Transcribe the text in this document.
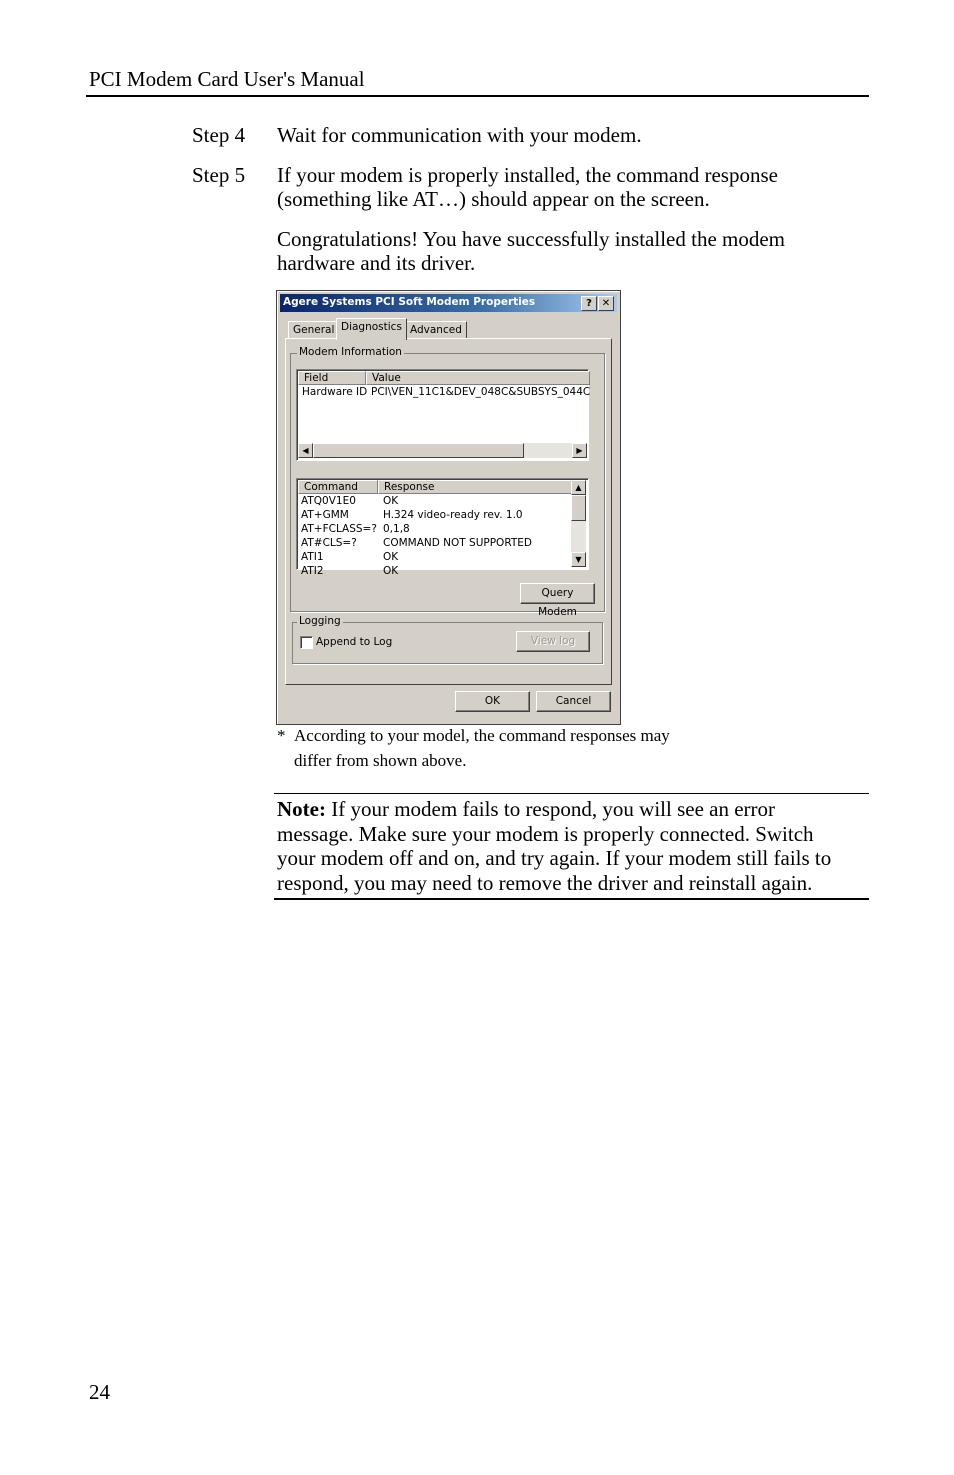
PCI Modem Card User's Manual
Step 4 Wait for communication with your modem.
Step 5 If your modem is properly installed, the command response
(something like AT…) should appear on the screen.
Congratulations! You have successfully installed the modem
hardware and its driver.
Agere Systems PCI Soft Modem Properties	? ✕
General Diagnostics Advanced
Modem Information
Field	Value
Hardware ID PCI\VEN_11C1&DEV_048C&SUBSYS_044C
◀	▶
Command	Response
ATQ0V1E0	OK
AT+GMM	H.324 video-ready rev. 1.0
AT+FCLASS=? 0,1,8
AT#CLS=? COMMAND NOT SUPPORTED
ATI1	OK
ATI2	OK
▲
▼
Query Modem
Logging
Append to Log	View log
OK	Cancel
* According to your model, the command responses may
differ from shown above.
Note: If your modem fails to respond, you will see an error
message. Make sure your modem is properly connected. Switch
your modem off and on, and try again. If your modem still fails to
respond, you may need to remove the driver and reinstall again.
24
